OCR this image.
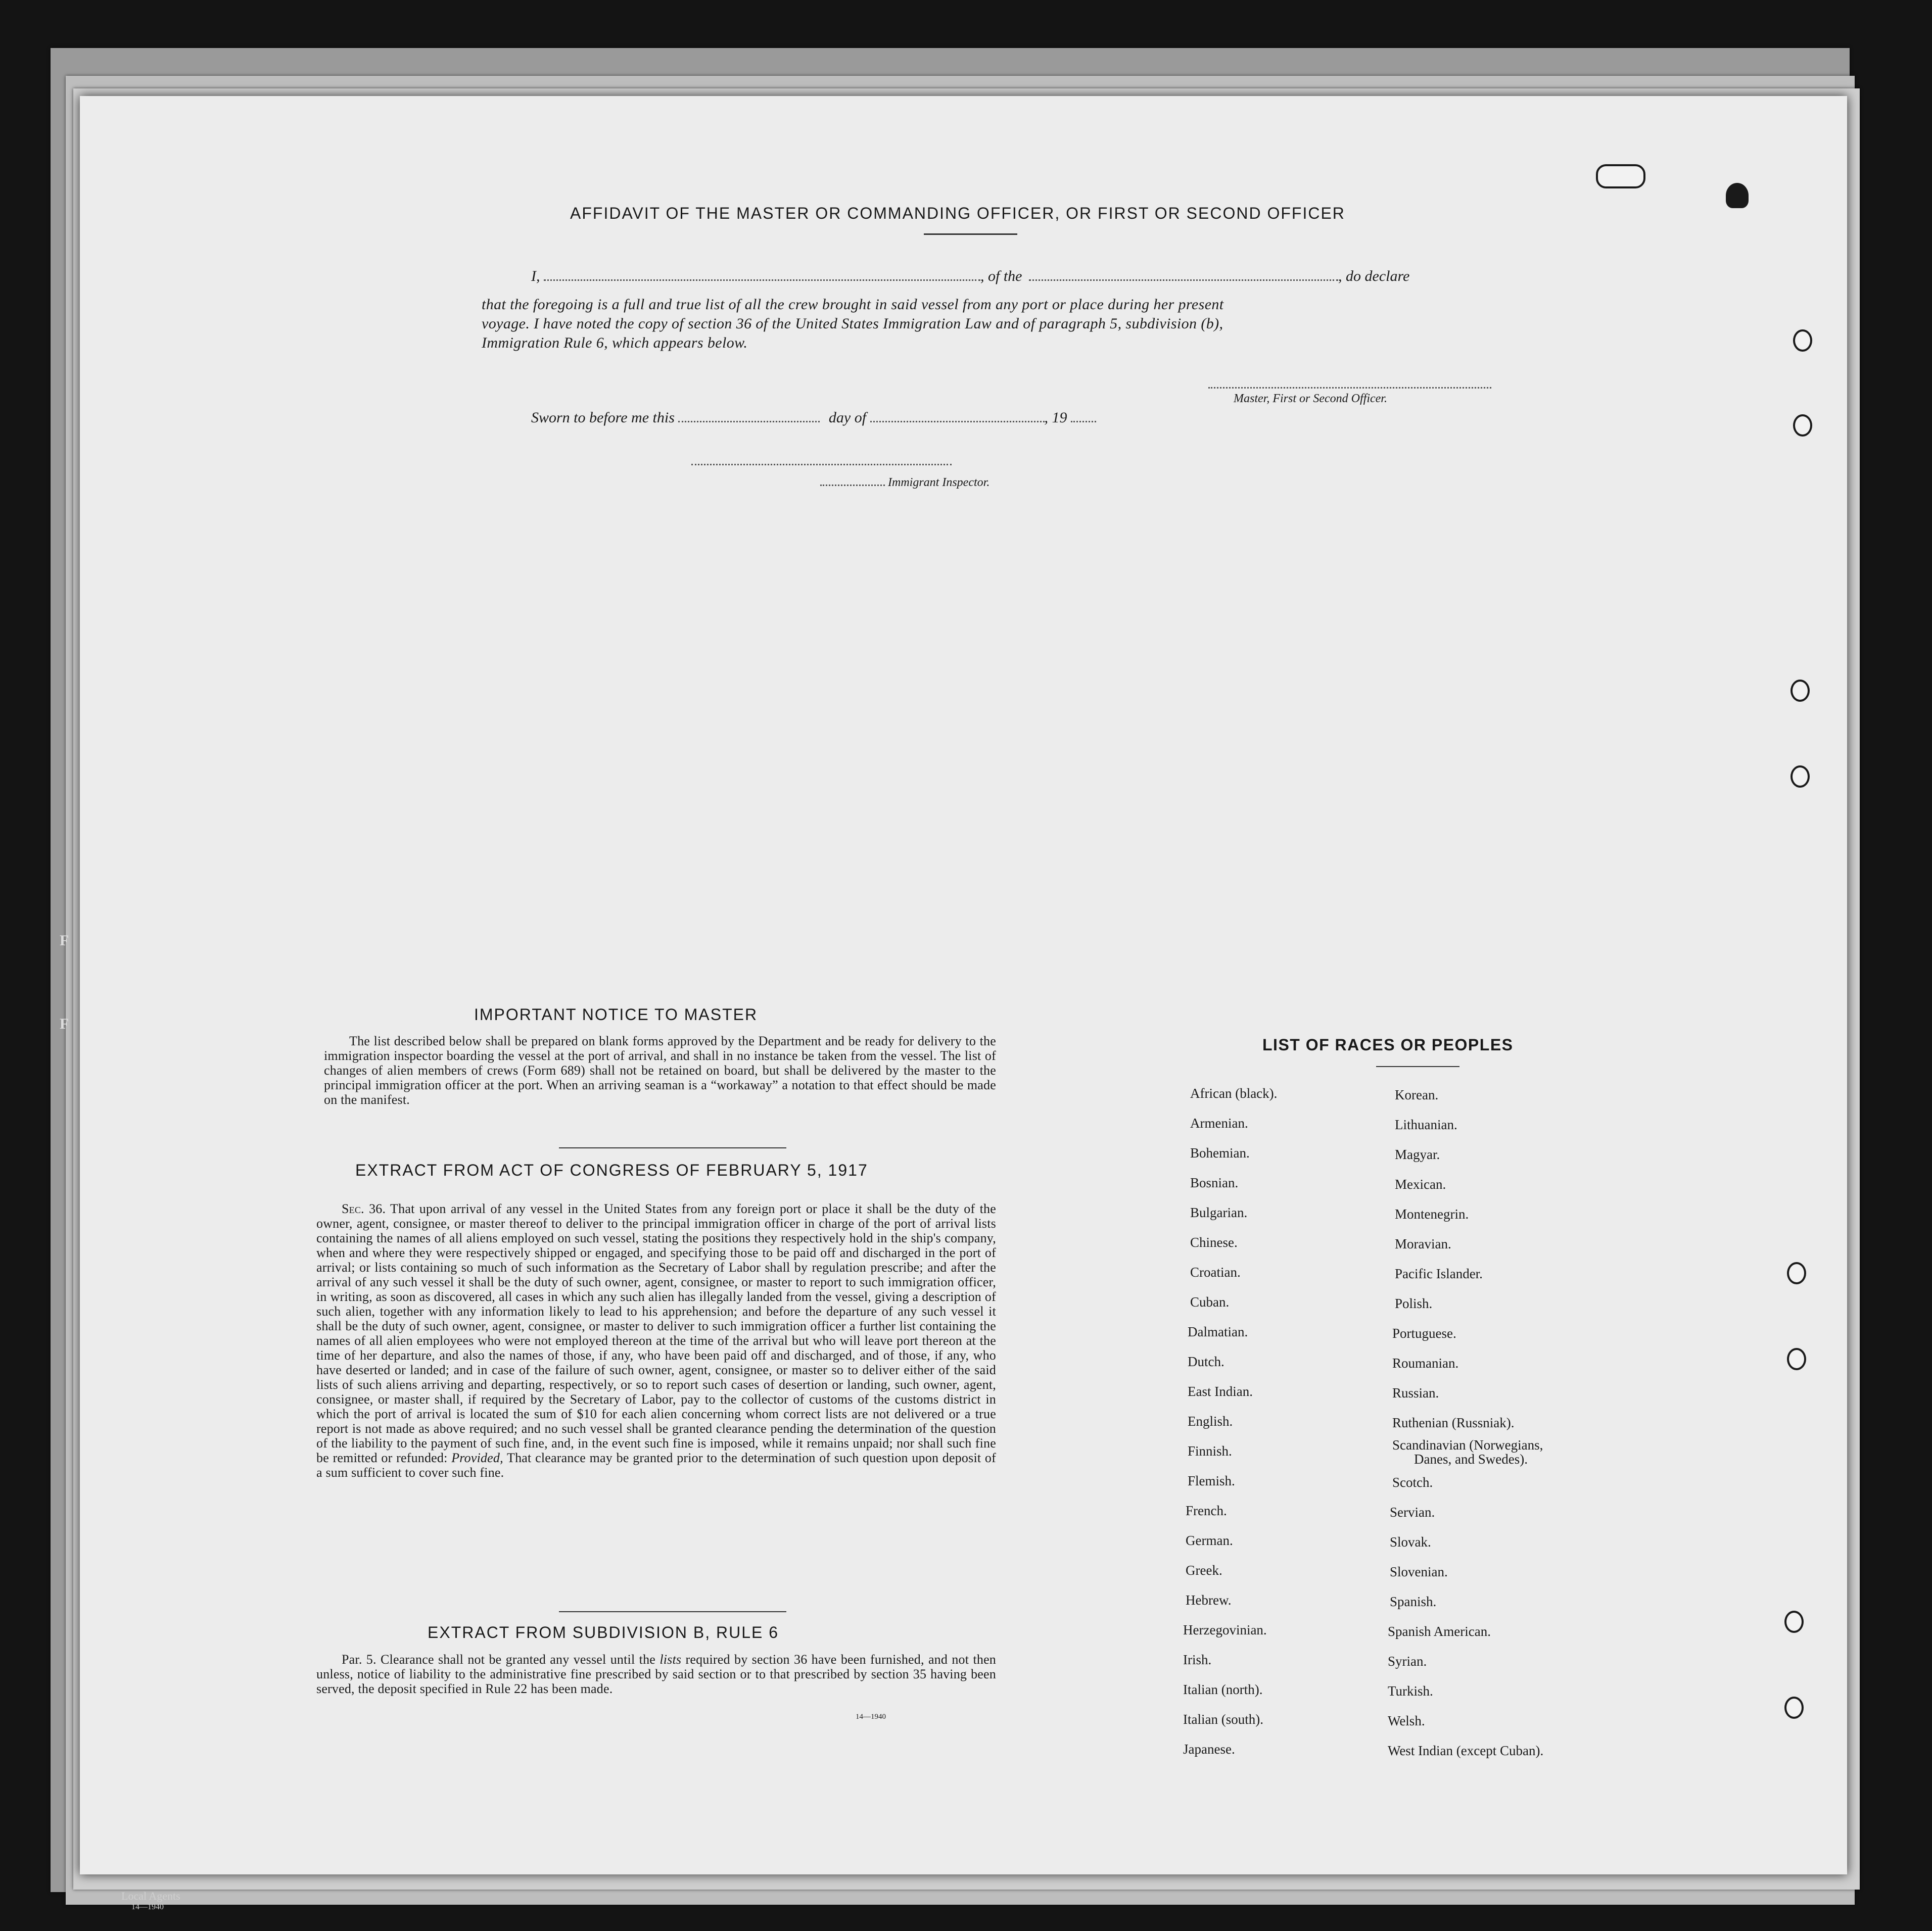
F
F
Local Agents
14—1940
AFFIDAVIT OF THE MASTER OR COMMANDING OFFICER, OR FIRST OR SECOND OFFICER
I,	, of the	, do declare
that the foregoing is a full and true list of all the crew brought in said vessel from any port or place during her present
voyage. I have noted the copy of section 36 of the United States Immigration Law and of paragraph 5, subdivision (b),
Immigration Rule 6, which appears below.
Master, First or Second Officer.
Sworn to before me this	day of	, 19
Immigrant Inspector.
IMPORTANT NOTICE TO MASTER

The list described below shall be prepared on blank forms approved by the Department and be ready for delivery to the immigration inspector boarding the vessel at the port of arrival, and shall in no instance be taken from the vessel. The list of changes of alien members of crews (Form 689) shall not be retained on board, but shall be delivered by the master to the principal immigration officer at the port. When an arriving seaman is a “workaway” a notation to that effect should be made on the manifest.

EXTRACT FROM ACT OF CONGRESS OF FEBRUARY 5, 1917

Sec. 36. That upon arrival of any vessel in the United States from any foreign port or place it shall be the duty of the owner, agent, consignee, or master thereof to deliver to the principal immigration officer in charge of the port of arrival lists containing the names of all aliens employed on such vessel, stating the positions they respectively hold in the ship's company, when and where they were respectively shipped or engaged, and specifying those to be paid off and discharged in the port of arrival; or lists containing so much of such information as the Secretary of Labor shall by regulation prescribe; and after the arrival of any such vessel it shall be the duty of such owner, agent, consignee, or master to report to such immigration officer, in writing, as soon as discovered, all cases in which any such alien has illegally landed from the vessel, giving a description of such alien, together with any information likely to lead to his apprehension; and before the departure of any such vessel it shall be the duty of such owner, agent, consignee, or master to deliver to such immigration officer a further list containing the names of all alien employees who were not employed thereon at the time of the arrival but who will leave port thereon at the time of her departure, and also the names of those, if any, who have been paid off and discharged, and of those, if any, who have deserted or landed; and in case of the failure of such owner, agent, consignee, or master so to deliver either of the said lists of such aliens arriving and departing, respectively, or so to report such cases of desertion or landing, such owner, agent, consignee, or master shall, if required by the Secretary of Labor, pay to the collector of customs of the customs district in which the port of arrival is located the sum of $10 for each alien concerning whom correct lists are not delivered or a true report is not made as above required; and no such vessel shall be granted clearance pending the determination of the question of the liability to the payment of such fine, and, in the event such fine is imposed, while it remains unpaid; nor shall such fine be remitted or refunded: Provided, That clearance may be granted prior to the determination of such question upon deposit of a sum sufficient to cover such fine.

EXTRACT FROM SUBDIVISION B, RULE 6

Par. 5. Clearance shall not be granted any vessel until the lists required by section 36 have been furnished, and not then unless, notice of liability to the administrative fine prescribed by said section or to that prescribed by section 35 having been served, the deposit specified in Rule 22 has been made.

14—1940
LIST OF RACES OR PEOPLES
African (black).
Armenian.
Bohemian.
Bosnian.
Bulgarian.
Chinese.
Croatian.
Cuban.
Dalmatian.
Dutch.
East Indian.
English.
Finnish.
Flemish.
French.
German.
Greek.
Hebrew.
Herzegovinian.
Irish.
Italian (north).
Italian (south).
Japanese.
Korean.
Lithuanian.
Magyar.
Mexican.
Montenegrin.
Moravian.
Pacific Islander.
Polish.
Portuguese.
Roumanian.
Russian.
Ruthenian (Russniak).
Scandinavian (Norwegians,
Danes, and Swedes).
Scotch.
Servian.
Slovak.
Slovenian.
Spanish.
Spanish American.
Syrian.
Turkish.
Welsh.
West Indian (except Cuban).
